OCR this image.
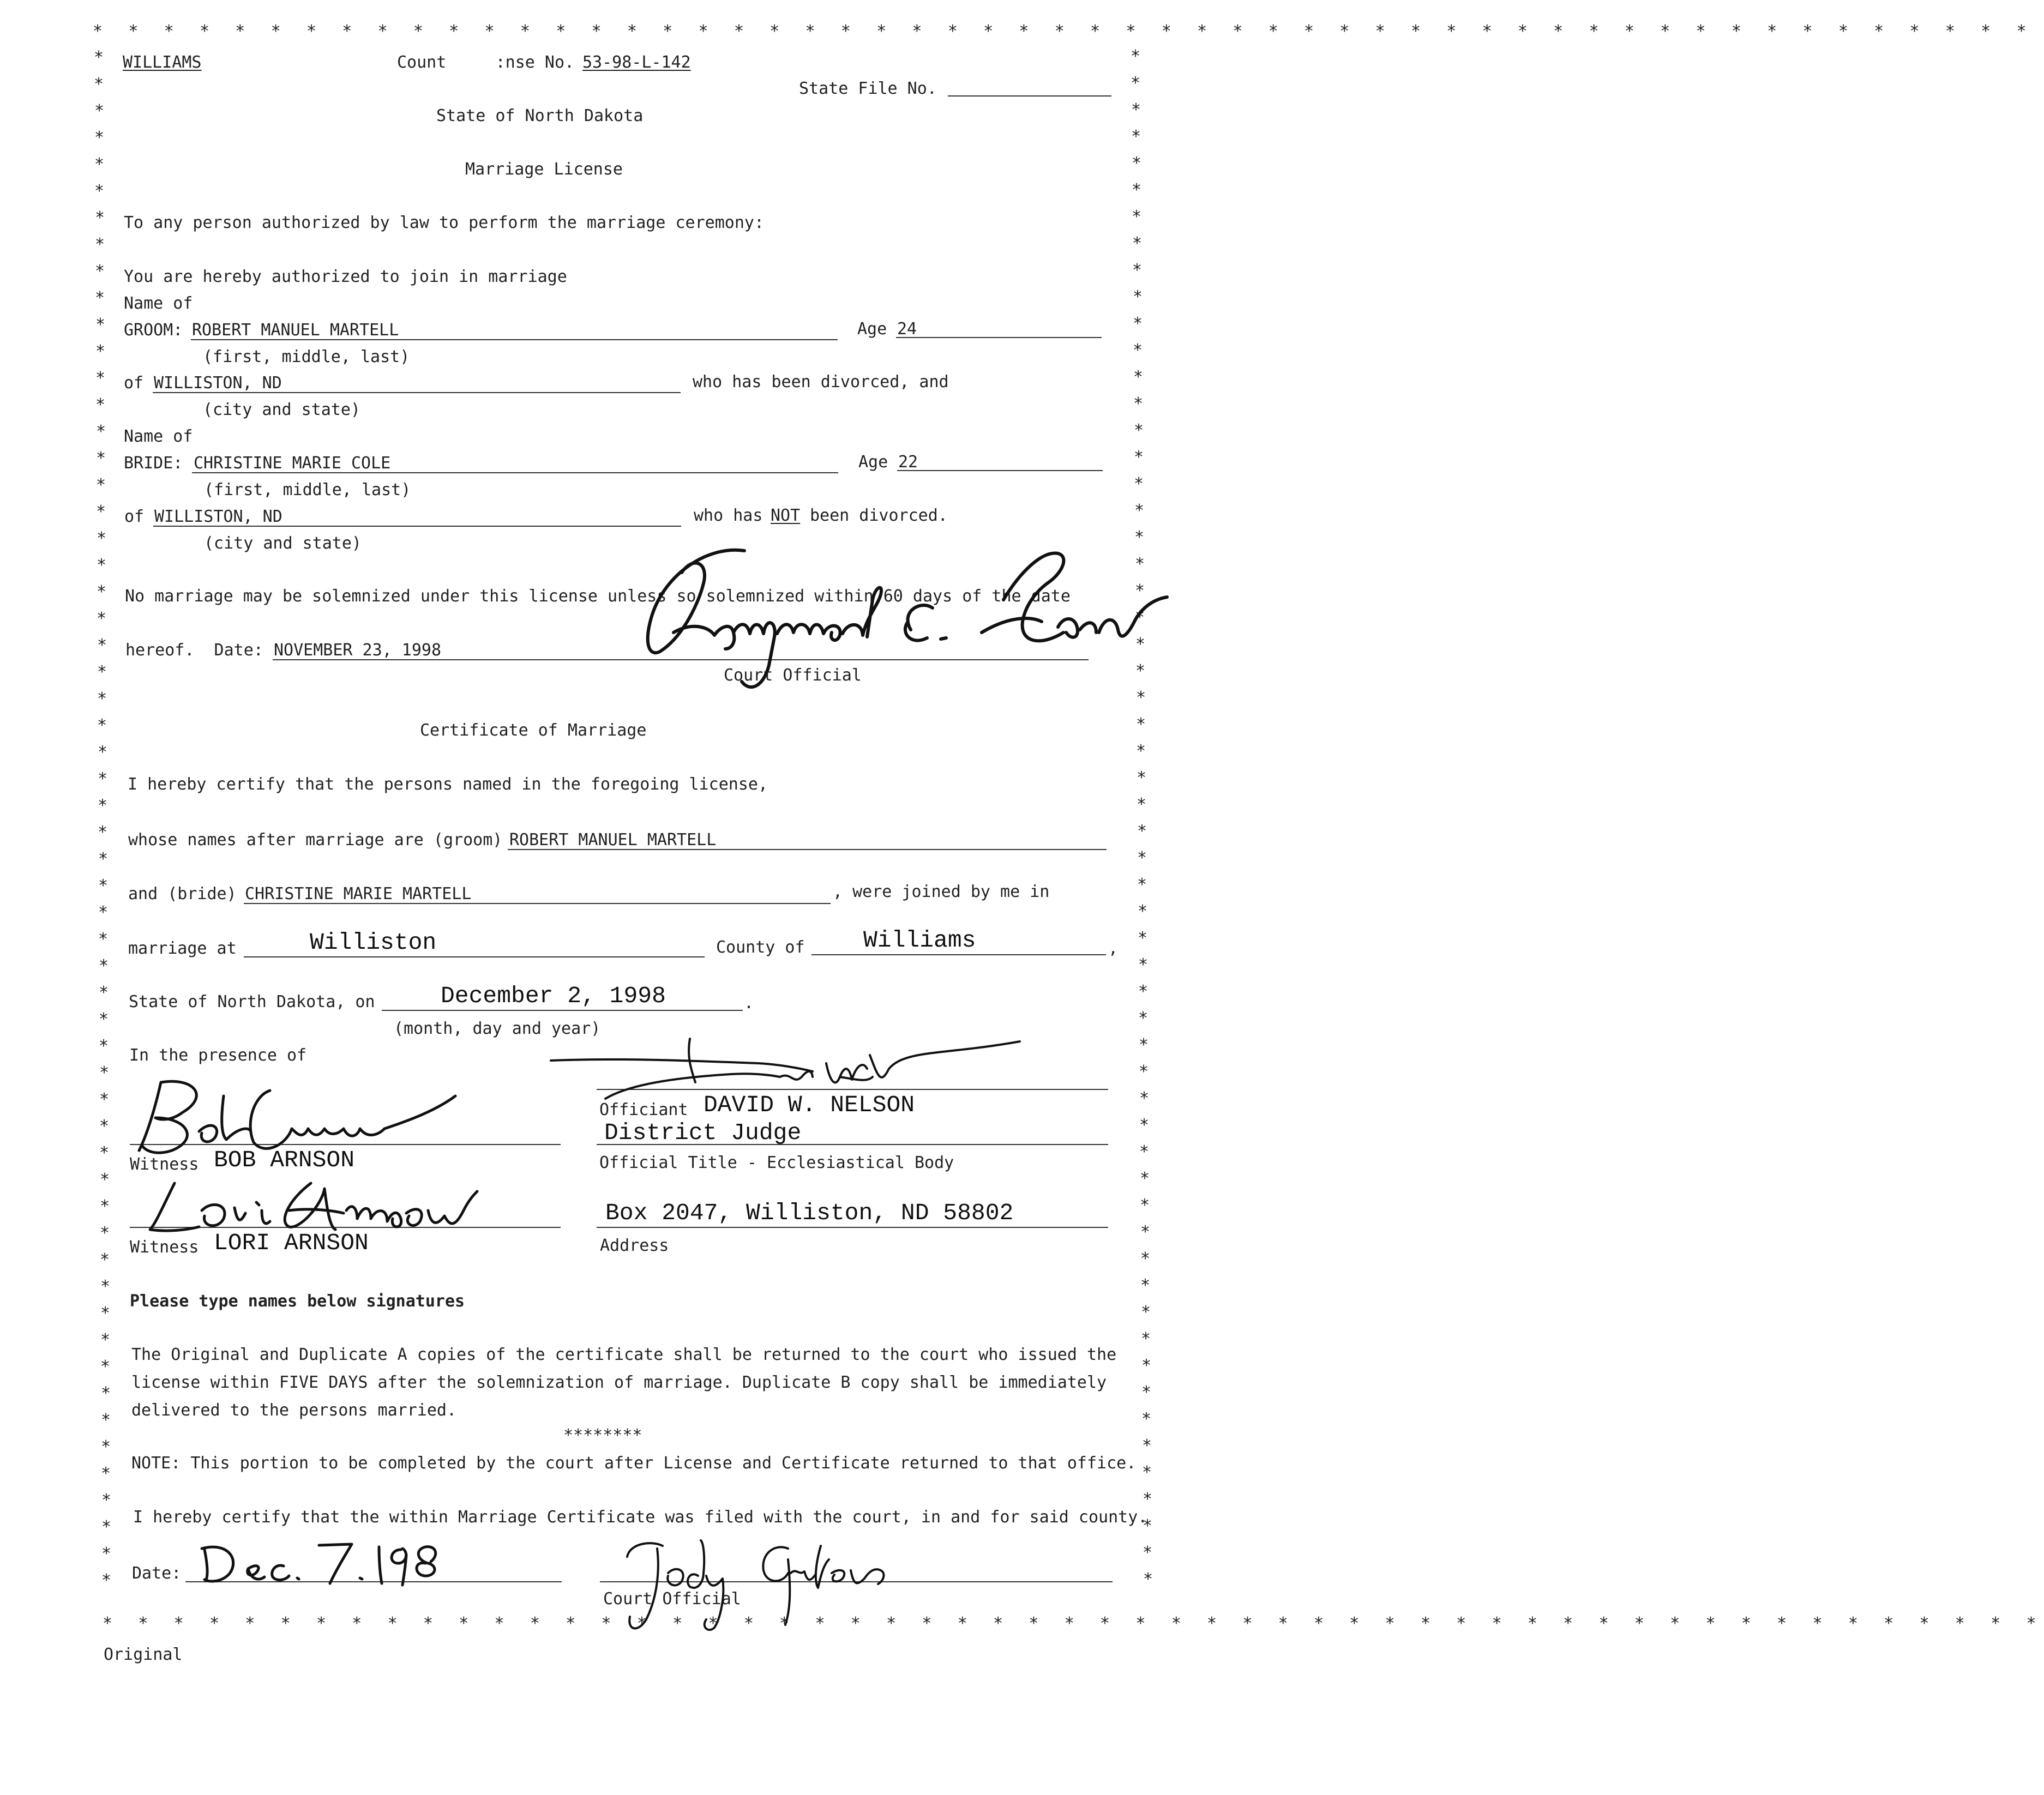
* * * * * * * * * * * * * * * * * * * * * * * * * * * * * * * * * * * * * * * * * * * * * * * * * * * * * * *
* * * * * * * * * * * * * * * * * * * * * * * * * * * * * * * * * * * * * * * * * * * * * * * * * * * * * * *
*
*
*
*
*
*
*
*
*
*
*
*
*
*
*
*
*
*
*
*
*
*
*
*
*
*
*
*
*
*
*
*
*
*
*
*
*
*
*
*
*
*
*
*
*
*
*
*
*
*
*
*
*
*
*
*
*
*
*
*
*
*
*
*
*
*
*
*
*
*
*
*
*
*
*
*
*
*
*
*
*
*
*
*
*
*
*
*
*
*
*
*
*
*
*
*
*
*
*
*
*
*
*
*
*
*
*
*
*
*
*
*
*
*
*
*
WILLIAMS	Count     :nse No. 53-98-L-142
State File No.
State of North Dakota
Marriage License
To any person authorized by law to perform the marriage ceremony:
You are hereby authorized to join in marriage
Name of
GROOM: ROBERT MANUEL MARTELL	Age 24
(first, middle, last)
of WILLISTON, ND	who has been divorced, and
(city and state)
Name of
BRIDE: CHRISTINE MARIE COLE	Age 22
(first, middle, last)
of WILLISTON, ND	who has NOT been divorced.
(city and state)
No marriage may be solemnized under this license unless so solemnized within 60 days of the date
hereof.  Date: NOVEMBER 23, 1998
Court Official
Certificate of Marriage
I hereby certify that the persons named in the foregoing license,
whose names after marriage are (groom) ROBERT MANUEL MARTELL
and (bride) CHRISTINE MARIE MARTELL	, were joined by me in
marriage at	Williston	County of Williams	,
State of North Dakota, on	December 2, 1998	.
(month, day and year)
In the presence of
Officiant DAVID W. NELSON
District Judge
Official Title - Ecclesiastical Body
Witness BOB ARNSON
Witness LORI ARNSON
Box 2047, Williston, ND 58802
Address
Please type names below signatures
The Original and Duplicate A copies of the certificate shall be returned to the court who issued the
license within FIVE DAYS after the solemnization of marriage. Duplicate B copy shall be immediately
delivered to the persons married.
********
NOTE: This portion to be completed by the court after License and Certificate returned to that office.
I hereby certify that the within Marriage Certificate was filed with the court, in and for said county.
Date:
Court Official
Original
